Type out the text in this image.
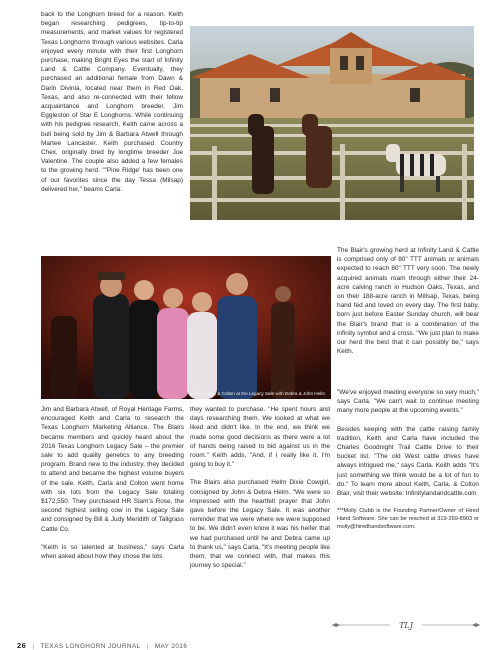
back to the Longhorn breed for a reason. Keith began researching pedigrees, tip-to-tip measurements, and market values for registered Texas Longhorns through various websites. Carla enjoyed every minute with their first Longhorn purchase, making Bright Eyes the start of Infinity Land & Cattle Company. Eventually, they purchased an additional female from Dawn & Darin Divinia, located near them in Red Oak, Texas, and also re-connected with their fellow acquaintance and Longhorn breeder, Jim Eggleston of Star E Longhorns. While continuing with his pedigree research, Keith came across a bull being sold by Jim & Barbara Atwell through Martee Lancaster. Keith purchased Country Chex, originally bred by longtime breeder Joe Valentine. The couple also added a few females to the growing herd. ""Pine Ridge' has been one of our favorites since the day Tessa (Milsap) delivered her," beams Carla.

The Blair's growing herd at Infinity Land & Cattle is comprised only of 80" TTT animals or animals expected to reach 80" TTT very soon. The newly acquired animals roam through either their 24-acre calving ranch in Hudson Oaks, Texas, and on their 188-acre ranch in Millsap, Texas, being hand fed and loved on every day. The first baby, born just before Easter Sunday church, will bear the Blair's brand that is a combination of the infinity symbol and a cross. "We just plan to make our herd the best that it can possibly be," says Keith.

Keith, Carla, & Colton at the Legacy Sale with Debra & John Helm

Jim and Barbara Atwell, of Royal Heritage Farms, encouraged Keith and Carla to research the Texas Longhorn Marketing Alliance. The Blairs became members and quickly heard about the 2016 Texas Longhorn Legacy Sale – the premier sale to add quality genetics to any breeding program. Brand new to the industry, they decided to attend and became the highest volume buyers of the sale. Keith, Carla and Colton went home with six lots from the Legacy Sale totaling $172,550. They purchased HR Slam's Rose, the second highest selling cow in the Legacy Sale and consigned by Bill & Judy Meridith of Tallgrass Cattle Co.

"Keith is so talented at business," says Carla when asked about how they chose the lots

they wanted to purchase. "He spent hours and days researching them. We looked at what we liked and didn't like. In the end, we think we made some good decisions as there were a lot of hands being raised to bid against us in the room." Keith adds, "And, if I really like it, I'm going to buy it."

The Blairs also purchased Helm Dixie Cowgirl, consigned by John & Debra Helm. "We were so impressed with the heartfelt prayer that John gave before the Legacy Sale. It was another reminder that we were where we were supposed to be. We didn't even know it was his heifer that we had purchased until he and Debra came up to thank us," says Carla. "It's meeting people like them, that we connect with, that makes this journey so special."

"We've enjoyed meeting everyone so very much," says Carla. "We can't wait to continue meeting many more people at the upcoming events."

Besides keeping with the cattle raising family tradition, Keith and Carla have included the Charles Goodnight Trail Cattle Drive to their bucket list. "The old West cattle drives have always intrigued me," says Carla. Keith adds "It's just something we think would be a lot of fun to do." To learn more about Keith, Carla, & Colton Blair, visit their website: Infinitylandandcattle.com

***Molly Clubb is the Founding Partner/Owner of Hired Hand Software. She can be reached at 319-269-8903 or molly@hiredhandsoftware.com.

TLJ
26 | TEXAS LONGHORN JOURNAL | MAY 2016
